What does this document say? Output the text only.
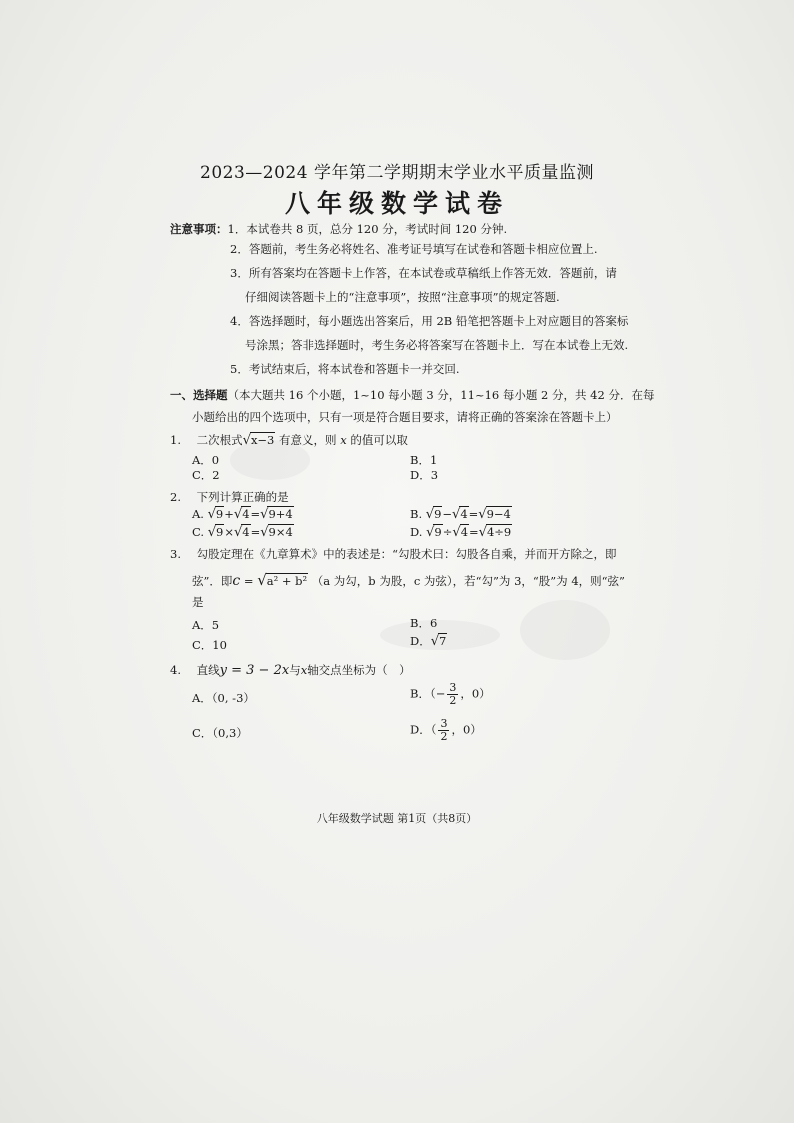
2023—2024 学年第二学期期末学业水平质量监测
八年级数学试卷
注意事项：1．本试卷共 8 页，总分 120 分，考试时间 120 分钟.
2．答题前，考生务必将姓名、准考证号填写在试卷和答题卡相应位置上.
3．所有答案均在答题卡上作答，在本试卷或草稿纸上作答无效．答题前，请
仔细阅读答题卡上的“注意事项”，按照“注意事项”的规定答题.
4．答选择题时，每小题选出答案后，用 2B 铅笔把答题卡上对应题目的答案标
号涂黑；答非选择题时，考生务必将答案写在答题卡上．写在本试卷上无效.
5．考试结束后，将本试卷和答题卡一并交回.
一、选择题（本大题共 16 个小题，1~10 每小题 3 分，11~16 每小题 2 分，共 42 分．在每
小题给出的四个选项中，只有一项是符合题目要求，请将正确的答案涂在答题卡上）
1. 二次根式√x−3 有意义，则 x 的值可以取
A．0	B．1
C．2	D．3
2. 下列计算正确的是
A. √9+√4=√9+4	B. √9−√4=√9−4
C. √9×√4=√9×4	D. √9÷√4=√4÷9
3. 勾股定理在《九章算术》中的表述是：“勾股术曰：勾股各自乘，并而开方除之，即
弦”．即c = √a² + b² （a 为勾，b 为股，c 为弦），若“勾”为 3，“股”为 4，则“弦”
是
A．5	B．6
C．10	D．√7
4. 直线y = 3 − 2x与x轴交点坐标为（　）
A．（0, -3）	B．（− $\frac{3}{2}$ ，0）
C．（0,3）	D．（ $\frac{3}{2}$ ，0）
八年级数学试题 第1页（共8页）
